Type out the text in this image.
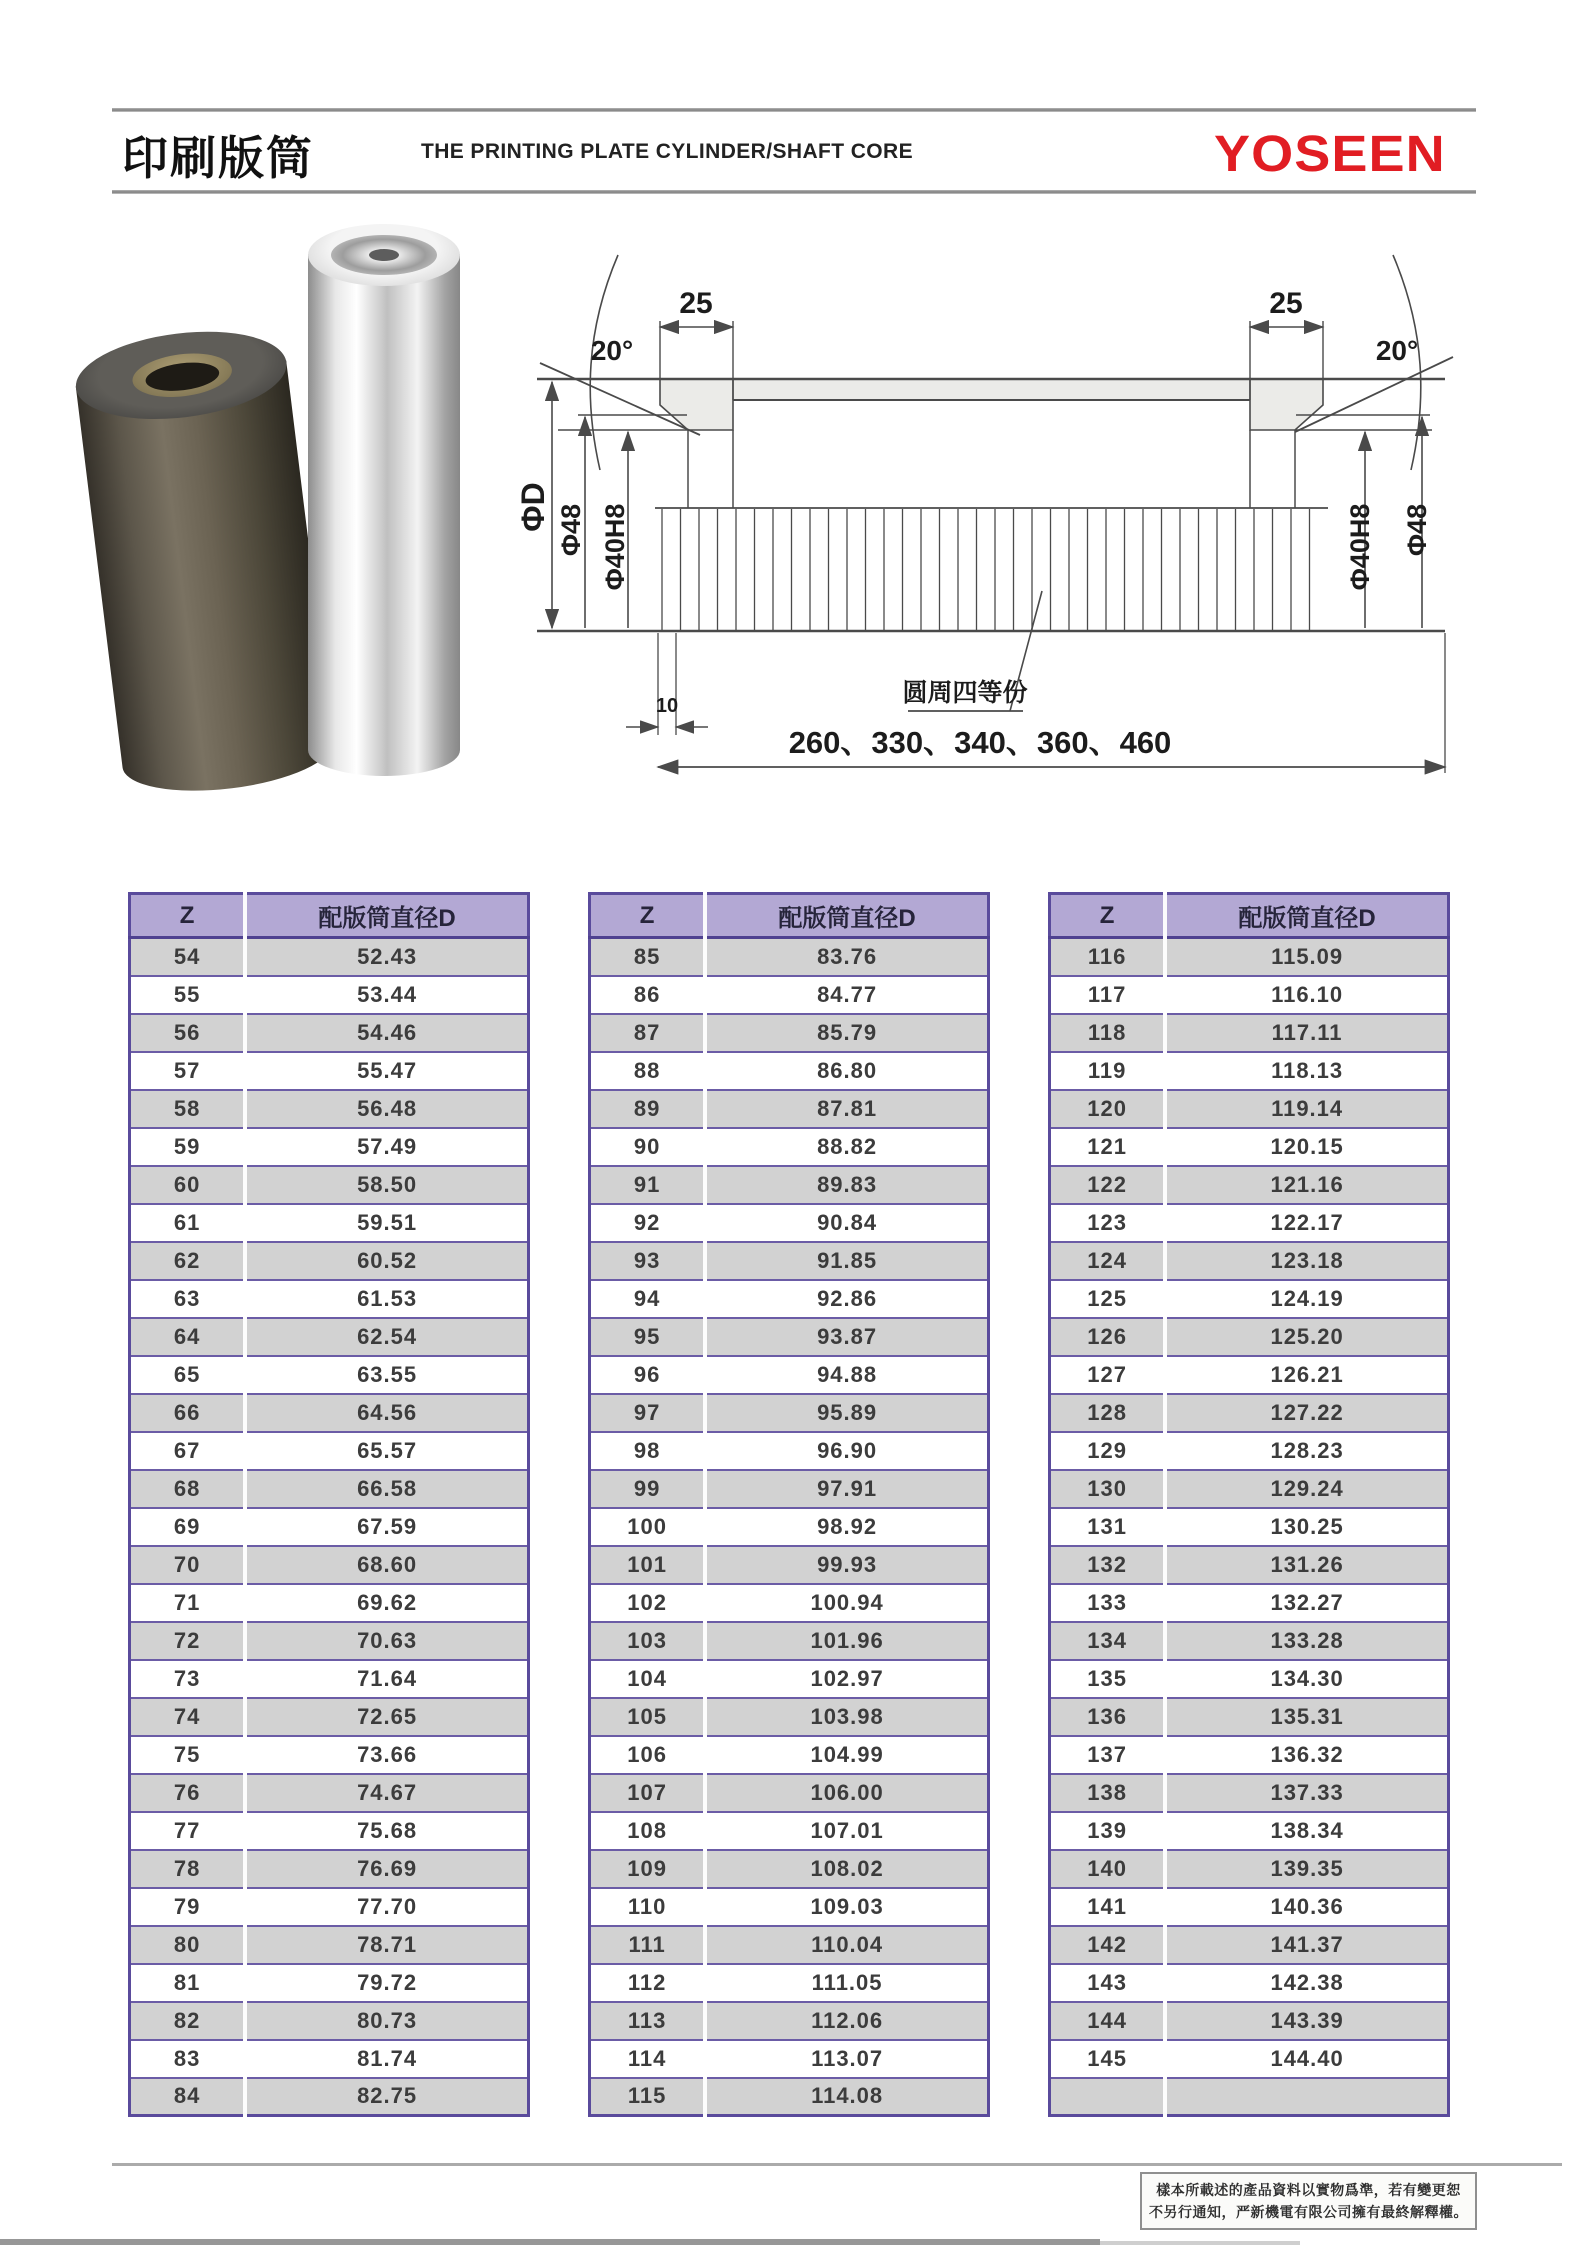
印刷版筒	THE PRINTING PLATE CYLINDER/SHAFT CORE	YOSEEN
25	25
20°	20°
ΦD Φ48 Φ40H8	Φ40H8 Φ48
10
260、330、340、360、460
圆周四等份
Z	配版筒直径D
54	52.43
55	53.44
56	54.46
57	55.47
58	56.48
59	57.49
60	58.50
61	59.51
62	60.52
63	61.53
64	62.54
65	63.55
66	64.56
67	65.57
68	66.58
69	67.59
70	68.60
71	69.62
72	70.63
73	71.64
74	72.65
75	73.66
76	74.67
77	75.68
78	76.69
79	77.70
80	78.71
81	79.72
82	80.73
83	81.74
84	82.75
Z	配版筒直径D
85	83.76
86	84.77
87	85.79
88	86.80
89	87.81
90	88.82
91	89.83
92	90.84
93	91.85
94	92.86
95	93.87
96	94.88
97	95.89
98	96.90
99	97.91
100	98.92
101	99.93
102	100.94
103	101.96
104	102.97
105	103.98
106	104.99
107	106.00
108	107.01
109	108.02
110	109.03
111	110.04
112	111.05
113	112.06
114	113.07
115	114.08
Z	配版筒直径D
116	115.09
117	116.10
118	117.11
119	118.13
120	119.14
121	120.15
122	121.16
123	122.17
124	123.18
125	124.19
126	125.20
127	126.21
128	127.22
129	128.23
130	129.24
131	130.25
132	131.26
133	132.27
134	133.28
135	134.30
136	135.31
137	136.32
138	137.33
139	138.34
140	139.35
141	140.36
142	141.37
143	142.38
144	143.39
145	144.40

樣本所載述的產品資料以實物爲準，若有變更恕
不另行通知，严新機電有限公司擁有最終解釋權。
